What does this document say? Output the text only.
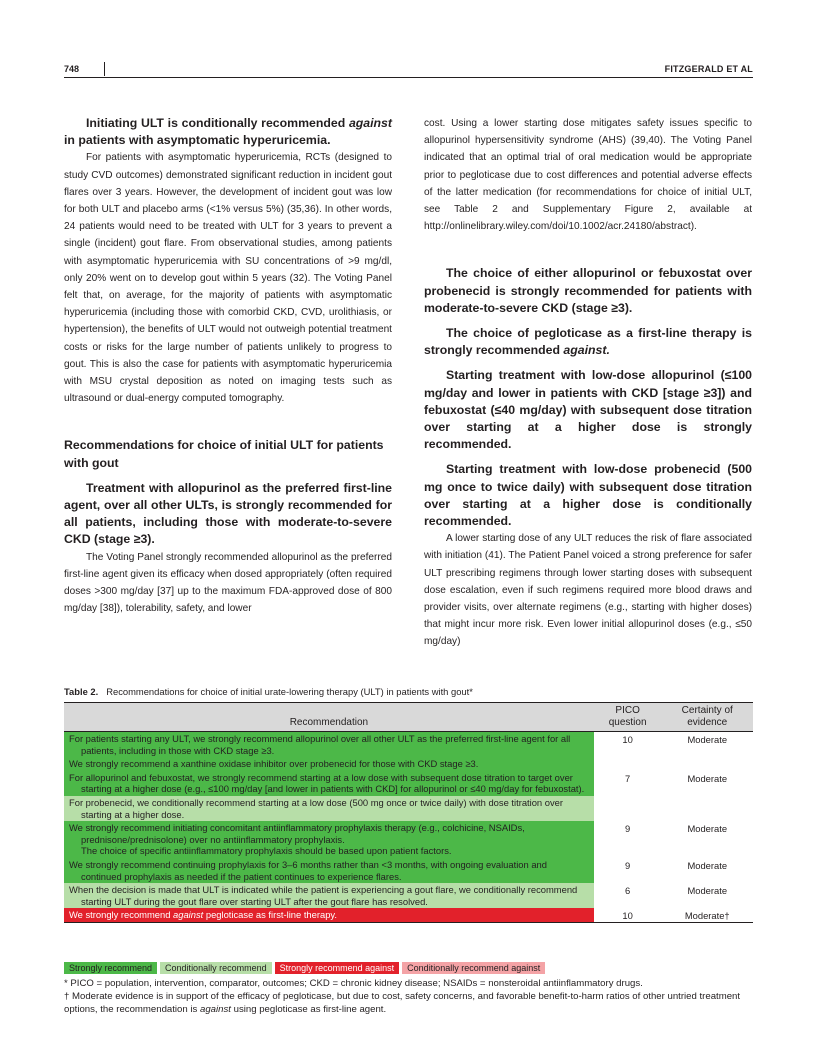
748	FITZGERALD ET AL

Initiating ULT is conditionally recommended against in patients with asymptomatic hyperuricemia.

For patients with asymptomatic hyperuricemia, RCTs (designed to study CVD outcomes) demonstrated significant reduction in incident gout flares over 3 years. However, the development of incident gout was low for both ULT and placebo arms (<1% versus 5%) (35,36). In other words, 24 patients would need to be treated with ULT for 3 years to prevent a single (incident) gout flare. From observational studies, among patients with asymptomatic hyperuricemia with SU concentrations of >9 mg/dl, only 20% went on to develop gout within 5 years (32). The Voting Panel felt that, on average, for the majority of patients with asymptomatic hyperuricemia (including those with comorbid CKD, CVD, urolithiasis, or hypertension), the benefits of ULT would not outweigh potential treatment costs or risks for the large number of patients unlikely to progress to gout. This is also the case for patients with asymptomatic hyperuricemia with MSU crystal deposition as noted on imaging tests such as ultrasound or dual-energy computed tomography.

Recommendations for choice of initial ULT for patients with gout

Treatment with allopurinol as the preferred first-line agent, over all other ULTs, is strongly recommended for all patients, including those with moderate-to-severe CKD (stage ≥3).

The Voting Panel strongly recommended allopurinol as the preferred first-line agent given its efficacy when dosed appropriately (often required doses >300 mg/day [37] up to the maximum FDA-approved dose of 800 mg/day [38]), tolerability, safety, and lower

cost. Using a lower starting dose mitigates safety issues specific to allopurinol hypersensitivity syndrome (AHS) (39,40). The Voting Panel indicated that an optimal trial of oral medication would be appropriate prior to pegloticase due to cost differences and potential adverse effects of the latter medication (for recommendations for choice of initial ULT, see Table 2 and Supplementary Figure 2, available at http://onlinelibrary.wiley.com/doi/10.1002/acr.24180/abstract).

The choice of either allopurinol or febuxostat over probenecid is strongly recommended for patients with moderate-to-severe CKD (stage ≥3).

The choice of pegloticase as a first-line therapy is strongly recommended against.

Starting treatment with low-dose allopurinol (≤100 mg/day and lower in patients with CKD [stage ≥3]) and febuxostat (≤40 mg/day) with subsequent dose titration over starting at a higher dose is strongly recommended.

Starting treatment with low-dose probenecid (500 mg once to twice daily) with subsequent dose titration over starting at a higher dose is conditionally recommended.

A lower starting dose of any ULT reduces the risk of flare associated with initiation (41). The Patient Panel voiced a strong preference for safer ULT prescribing regimens through lower starting doses with subsequent dose escalation, even if such regimens required more blood draws and provider visits, over alternate regimens (e.g., starting with higher doses) that might incur more risk. Even lower initial allopurinol doses (e.g., ≤50 mg/day)

Table 2. Recommendations for choice of initial urate-lowering therapy (ULT) in patients with gout*
Recommendation	PICO question	Certainty of evidence

For patients starting any ULT, we strongly recommend allopurinol over all other ULT as the preferred first-line agent for all patients, including in those with CKD stage ≥3.	10	Moderate

We strongly recommend a xanthine oxidase inhibitor over probenecid for those with CKD stage ≥3.		

For allopurinol and febuxostat, we strongly recommend starting at a low dose with subsequent dose titration to target over starting at a higher dose (e.g., ≤100 mg/day [and lower in patients with CKD] for allopurinol or ≤40 mg/day for febuxostat).	7	Moderate

For probenecid, we conditionally recommend starting at a low dose (500 mg once or twice daily) with dose titration over starting at a higher dose.		

We strongly recommend initiating concomitant antiinflammatory prophylaxis therapy (e.g., colchicine, NSAIDs, prednisone/prednisolone) over no antiinflammatory prophylaxis.
The choice of specific antiinflammatory prophylaxis should be based upon patient factors.	9	Moderate

We strongly recommend continuing prophylaxis for 3–6 months rather than <3 months, with ongoing evaluation and continued prophylaxis as needed if the patient continues to experience flares.	9	Moderate

When the decision is made that ULT is indicated while the patient is experiencing a gout flare, we conditionally recommend starting ULT during the gout flare over starting ULT after the gout flare has resolved.	6	Moderate
We strongly recommend against pegloticase as first-line therapy.	10	Moderate†
Strongly recommend	Conditionally recommend	Strongly recommend against	Conditionally recommend against
* PICO = population, intervention, comparator, outcomes; CKD = chronic kidney disease; NSAIDs = nonsteroidal antiinflammatory drugs.
† Moderate evidence is in support of the efficacy of pegloticase, but due to cost, safety concerns, and favorable benefit-to-harm ratios of other untried treatment options, the recommendation is against using pegloticase as first-line agent.
